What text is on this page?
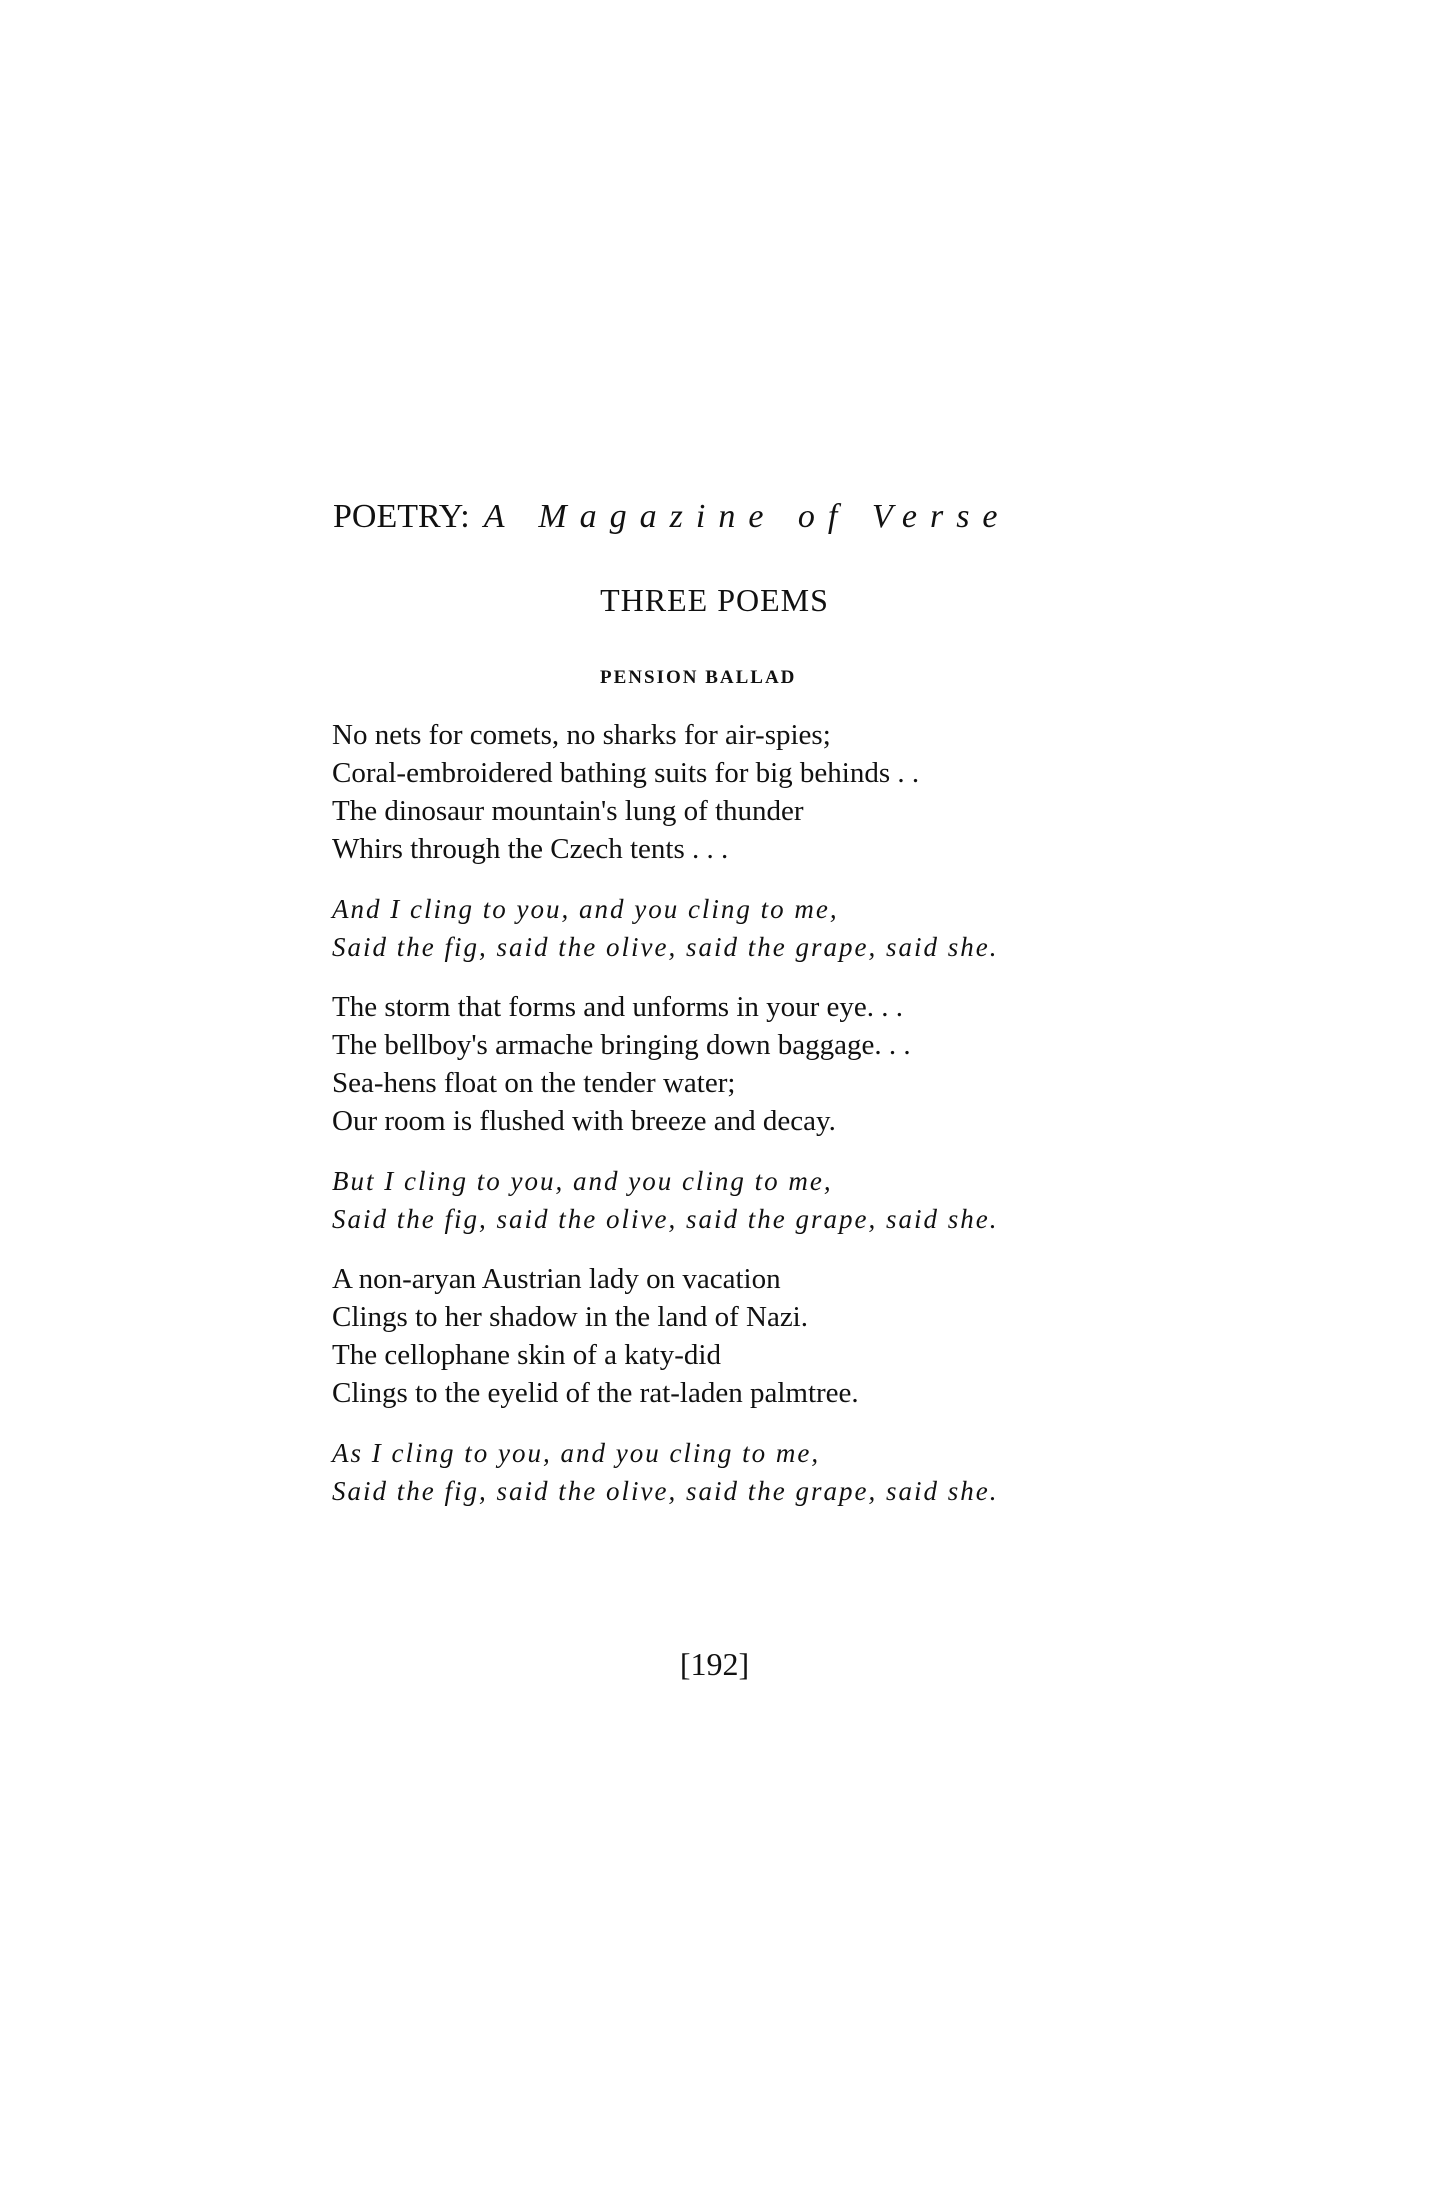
POETRY: A Magazine of Verse
THREE POEMS
PENSION BALLAD
No nets for comets, no sharks for air-spies;
Coral-embroidered bathing suits for big behinds . .
The dinosaur mountain's lung of thunder
Whirs through the Czech tents . . .
And I cling to you, and you cling to me,
Said the fig, said the olive, said the grape, said she.
The storm that forms and unforms in your eye. . .
The bellboy's armache bringing down baggage. . .
Sea-hens float on the tender water;
Our room is flushed with breeze and decay.
But I cling to you, and you cling to me,
Said the fig, said the olive, said the grape, said she.
A non-aryan Austrian lady on vacation
Clings to her shadow in the land of Nazi.
The cellophane skin of a katy-did
Clings to the eyelid of the rat-laden palmtree.
As I cling to you, and you cling to me,
Said the fig, said the olive, said the grape, said she.
[192]
